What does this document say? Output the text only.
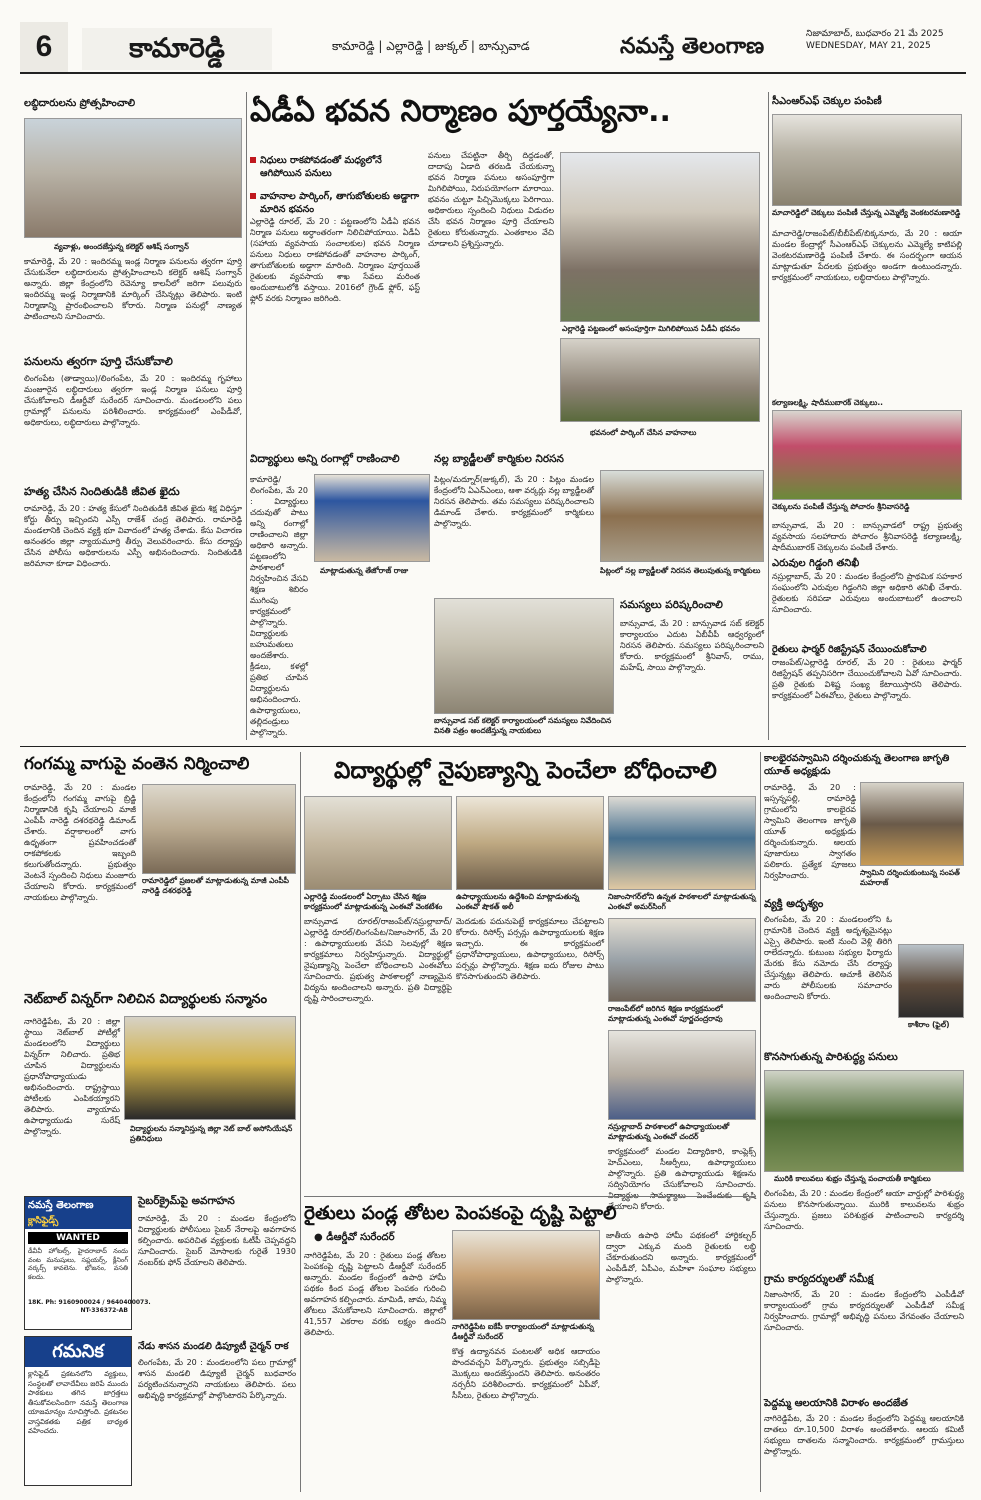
6	కామారెడ్డి	కామారెడ్డి | ఎల్లారెడ్డి | జుక్కల్ | బాన్సువాడ	నమస్తే తెలంగాణ	నిజామాబాద్, బుధవారం 21 మే 2025
WEDNESDAY, MAY 21, 2025
లబ్ధిదారులను ప్రోత్సహించాలి
వ్యవాళ్లు, అంందజేస్తున్న కలెక్టర్ ఆశిష్ సంగ్వాన్
కామారెడ్డి, మే 20 : ఇందిరమ్మ ఇండ్ల నిర్మాణ పనులను త్వరగా పూర్తి చేసుకునేలా లబ్ధిదారులను ప్రోత్సహించాలని కలెక్టర్ ఆశిష్ సంగ్వాన్ అన్నారు. జిల్లా కేంద్రంలోని రెవెన్యూ కాలనీలో జరిగా పలువురు ఇందిరమ్మ ఇండ్ల నిర్మాణానికి మార్కింగ్ చేసిన్నట్లు తెలిపారు. ఇంటి నిర్మాణాన్ని ప్రారంభించాలని కోరారు. నిర్మాణ పనుల్లో నాణ్యత పాటించాలని సూచించారు.
పనులను త్వరగా పూర్తి చేసుకోవాలి
లింగంపేట (తాడ్వాయి)/లింగంపేట, మే 20 : ఇందిరమ్మ గృహాలు మంజూరైన లబ్ధిదారులు త్వరగా ఇండ్ల నిర్మాణ పనులు పూర్తి చేసుకోవాలని డీఆర్డీవో సురేందర్ సూచించారు. మండలంలోని పలు గ్రామాల్లో పనులను పరిశీలించారు. కార్యక్రమంలో ఎంపీడీవో, అధికారులు, లబ్ధిదారులు పాల్గొన్నారు.
హత్య చేసిన నిందితుడికి జీవిత ఖైదు
రామారెడ్డి, మే 20 : హత్య కేసులో నిందితుడికి జీవిత ఖైదు శిక్ష విధిస్తూ కోర్టు తీర్పు ఇచ్చిందని ఎస్పీ రాజేశ్ చంద్ర తెలిపారు. రామారెడ్డి మండలానికి చెందిన వ్యక్తి భూ వివాదంలో హత్య చేశాడు. కేసు విచారణ అనంతరం జిల్లా న్యాయమూర్తి తీర్పు వెలువరించారు. కేసు దర్యాప్తు చేసిన పోలీసు అధికారులను ఎస్పీ అభినందించారు. నిందితుడికి జరిమానా కూడా విధించారు.
ఏడీఏ భవన నిర్మాణం పూర్తయ్యేనా..
నిధులు రాకపోవడంతో మధ్యలోనే ఆగిపోయిన పనులు
వాహనాల పార్కింగ్, తాగుబోతులకు అడ్డాగా మారిన భవనం
ఎల్లారెడ్డి రూరల్, మే 20 : పట్టణంలోని ఏడీఏ భవన నిర్మాణ పనులు అర్ధాంతరంగా నిలిచిపోయాయి. ఏడీఏ (సహాయ వ్యవసాయ సంచాలకుల) భవన నిర్మాణ పనులు నిధులు రాకపోవడంతో వాహనాల పార్కింగ్, తాగుబోతులకు అడ్డాగా మారింది. నిర్మాణం పూర్తయితే రైతులకు వ్యవసాయ శాఖ సేవలు మరింత అందుబాటులోకి వస్తాయి. 2016లో గ్రౌండ్ ఫ్లోర్, ఫస్ట్ ఫ్లోర్ వరకు నిర్మాణం జరిగింది.
పనులు చేపట్టినా తీర్చి దిద్దడంతో, దాదాపు ఏడాది తరబడి చేయకున్నా భవన నిర్మాణ పనులు అసంపూర్తిగా మిగిలిపోయి, నిరుపయోగంగా మారాయి. భవనం చుట్టూ పిచ్చిమొక్కలు పెరిగాయి. అధికారులు స్పందించి నిధులు విడుదల చేసి భవన నిర్మాణం పూర్తి చేయాలని రైతులు కోరుతున్నారు. ఎంతకాలం వేచి చూడాలని ప్రశ్నిస్తున్నారు.
ఎల్లారెడ్డి పట్టణంలో అసంపూర్తిగా మిగిలిపోయిన ఏడీఏ భవనం
భవనంలో పార్కింగ్ చేసిన వాహనాలు
విద్యార్థులు అన్ని రంగాల్లో రాణించాలి
కామారెడ్డి/లింగంపేట, మే 20 : విద్యార్థులు చదువుతో పాటు అన్ని రంగాల్లో రాణించాలని జిల్లా అధికారి అన్నారు. పట్టణంలోని పాఠశాలలో నిర్వహించిన వేసవి శిక్షణ శిబిరం ముగింపు కార్యక్రమంలో పాల్గొన్నారు. విద్యార్థులకు బహుమతులు అందజేశారు. క్రీడలు, కళల్లో ప్రతిభ చూపిన విద్యార్థులను అభినందించారు. ఉపాధ్యాయులు, తల్లిదండ్రులు పాల్గొన్నారు.
మాట్లాడుతున్న తేజోరాజ్ రాజు
నల్ల బ్యాడ్జీలతో కార్మికుల నిరసన
పిట్లం/మద్నూర్(జుక్కల్), మే 20 : పిట్లం మండల కేంద్రంలోని ఏఎన్ఎంలు, ఆశా వర్కర్లు నల్ల బ్యాడ్జీలతో నిరసన తెలిపారు. తమ సమస్యలు పరిష్కరించాలని డిమాండ్ చేశారు. కార్యక్రమంలో కార్మికులు పాల్గొన్నారు.
పిట్లంలో నల్ల బ్యాడ్జీలతో నిరసన తెలుపుతున్న కార్మికులు
బాన్సువాడ సబ్ కలెక్టర్ కార్యాలయంలో సమస్యలు నివేదించిన వినతి పత్రం అందజేస్తున్న నాయకులు
సమస్యలు పరిష్కరించాలి
బాన్సువాడ, మే 20 : బాన్సువాడ సబ్ కలెక్టర్ కార్యాలయం ఎదుట ఏబీవీపీ ఆధ్వర్యంలో నిరసన తెలిపారు. సమస్యలు పరిష్కరించాలని కోరారు. కార్యక్రమంలో శ్రీనివాస్, రాము, మహేష్, సాయి పాల్గొన్నారు.
సీఎంఆర్ఎఫ్ చెక్కుల పంపిణీ
మాచారెడ్డిలో చెక్కులు పంపిణీ చేస్తున్న ఎమ్మెల్యే వెంకటరమణారెడ్డి
మాచారెడ్డి/రాజంపేట్/బీబీపేట్/బిక్కనూరు, మే 20 : ఆయా మండల కేంద్రాల్లో సీఎంఆర్ఎఫ్ చెక్కులను ఎమ్మెల్యే కాటిపల్లి వెంకటరమణారెడ్డి పంపిణీ చేశారు. ఈ సందర్భంగా ఆయన మాట్లాడుతూ పేదలకు ప్రభుత్వం అండగా ఉంటుందన్నారు. కార్యక్రమంలో నాయకులు, లబ్ధిదారులు పాల్గొన్నారు.
కల్యాణలక్ష్మి, షాదీముబారక్ చెక్కులు..
చెక్కులను పంపిణీ చేస్తున్న పోచారం శ్రీనివాసరెడ్డి
బాన్సువాడ, మే 20 : బాన్సువాడలో రాష్ట్ర ప్రభుత్వ వ్యవసాయ సలహాదారు పోచారం శ్రీనివాసరెడ్డి కల్యాణలక్ష్మి, షాదీముబారక్ చెక్కులను పంపిణీ చేశారు.
ఎరువుల గిడ్డంగి తనిఖీ
నస్రుల్లాబాద్, మే 20 : మండల కేంద్రంలోని ప్రాథమిక సహకార సంఘంలోని ఎరువుల గిడ్డంగిని జిల్లా అధికారి తనిఖీ చేశారు. రైతులకు సరిపడా ఎరువులు అందుబాటులో ఉంచాలని సూచించారు.
రైతులు ఫార్మర్ రిజిస్ట్రేషన్ చేయించుకోవాలి
రాజంపేట్/ఎల్లారెడ్డి రూరల్, మే 20 : రైతులు ఫార్మర్ రిజిస్ట్రేషన్ తప్పనిసరిగా చేయించుకోవాలని ఏవో సూచించారు. ప్రతి రైతుకు విశిష్ట సంఖ్య కేటాయిస్తారని తెలిపారు. కార్యక్రమంలో ఏఈవోలు, రైతులు పాల్గొన్నారు.
గంగమ్మ వాగుపై వంతెన నిర్మించాలి
రామారెడ్డి, మే 20 : మండల కేంద్రంలోని గంగమ్మ వాగుపై బ్రిడ్జి నిర్మాణానికి కృషి చేయాలని మాజీ ఎంపీపీ నారెడ్డి దశరథరెడ్డి డిమాండ్ చేశారు. వర్షాకాలంలో వాగు ఉధృతంగా ప్రవహించడంతో రాకపోకలకు ఇబ్బంది కలుగుతోందన్నారు. ప్రభుత్వం వెంటనే స్పందించి నిధులు మంజూరు చేయాలని కోరారు. కార్యక్రమంలో నాయకులు పాల్గొన్నారు.
రామారెడ్డిలో ప్రజలతో మాట్లాడుతున్న మాజీ ఎంపీపీ నారెడ్డి దశరథరెడ్డి
నెట్‌బాల్ విన్నర్‌గా నిలిచిన విద్యార్థులకు సన్మానం
నాగిరెడ్డిపేట, మే 20 : జిల్లా స్థాయి నెట్‌బాల్ పోటీల్లో మండలంలోని విద్యార్థులు విన్నర్‌గా నిలిచారు. ప్రతిభ చూపిన విద్యార్థులను ప్రధానోపాధ్యాయుడు అభినందించారు. రాష్ట్రస్థాయి పోటీలకు ఎంపికయ్యారని తెలిపారు. వ్యాయామ ఉపాధ్యాయుడు సురేష్ పాల్గొన్నారు.	విద్యార్థులను సన్మానిస్తున్న జిల్లా నెట్ బాల్ అసోసియేషన్ ప్రతినిధులు
నమస్తే తెలంగాణ
క్లాసిఫైడ్స్
WANTED
డీవీవీ హోటల్స్, హైదరాబాద్ నందు వంట మనుషులు, సప్లయర్స్, క్లీనింగ్ వర్కర్స్ కావలెను. భోజనం, వసతి కలదు.
18K. Ph: 9160900024 / 9640400073.
NT-336372-AB
గమనిక
క్లాసిఫైడ్ ప్రకటనలోని వ్యక్తులు, సంస్థలతో లావాదేవీలు జరిపే ముందు పాఠకులు తగిన జాగ్రత్తలు తీసుకోవలసిందిగా నమస్తే తెలంగాణ యాజమాన్యం సూచిస్తోంది. ప్రకటనల వాస్తవికతకు పత్రిక బాధ్యత వహించదు.
సైబర్‌క్రైమ్‌పై అవగాహన
రామారెడ్డి, మే 20 : మండల కేంద్రంలోని విద్యార్థులకు పోలీసులు సైబర్ నేరాలపై అవగాహన కల్పించారు. అపరిచిత వ్యక్తులకు ఓటీపీ చెప్పవద్దని సూచించారు. సైబర్ మోసాలకు గురైతే 1930 నంబర్‌కు ఫోన్ చేయాలని తెలిపారు.
నేడు శాసన మండలి డిప్యూటీ చైర్మన్ రాక
లింగంపేట, మే 20 : మండలంలోని పలు గ్రామాల్లో శాసన మండలి డిప్యూటీ చైర్మన్ బుధవారం పర్యటించనున్నారని నాయకులు తెలిపారు. పలు అభివృద్ధి కార్యక్రమాల్లో పాల్గొంటారని పేర్కొన్నారు.
విద్యార్థుల్లో నైపుణ్యాన్ని పెంచేలా బోధించాలి
ఎల్లారెడ్డి మండలంలో ఏర్పాటు చేసిన శిక్షణ కార్యక్రమంలో మాట్లాడుతున్న ఎంఈవో వెంకటేశం
ఉపాధ్యాయులను ఉద్దేశించి మాట్లాడుతున్న ఎంఈవో షౌకత్ అలీ
నిజాంసాగర్‌లోని ఉన్నత పాఠశాలలో మాట్లాడుతున్న ఎంఈవో అమర్‌సింగ్
బాన్సువాడ రూరల్/రాజంపేట్/నస్రుల్లాబాద్/ఎల్లారెడ్డి రూరల్/లింగంపేట/నిజాంసాగర్, మే 20 : ఉపాధ్యాయులకు వేసవి సెలవుల్లో శిక్షణ కార్యక్రమాలు నిర్వహిస్తున్నారు. విద్యార్థుల్లో నైపుణ్యాన్ని పెంచేలా బోధించాలని ఎంఈవోలు సూచించారు. ప్రభుత్వ పాఠశాలల్లో నాణ్యమైన విద్యను అందించాలని అన్నారు. ప్రతి విద్యార్థిపై దృష్టి సారించాలన్నారు.
మెదడుకు పదునుపెట్టే కార్యక్రమాలు చేపట్టాలని కోరారు. రిసోర్స్ పర్సన్లు ఉపాధ్యాయులకు శిక్షణ ఇచ్చారు. ఈ కార్యక్రమంలో ప్రధానోపాధ్యాయులు, ఉపాధ్యాయులు, రిసోర్స్ పర్సన్లు పాల్గొన్నారు. శిక్షణ ఐదు రోజుల పాటు కొనసాగుతుందని తెలిపారు.
రాజంపేట్‌లో జరిగిన శిక్షణ కార్యక్రమంలో మాట్లాడుతున్న ఎంఈవో పూర్ణచంద్రరావు
నస్రుల్లాబాద్ పాఠశాలలో ఉపాధ్యాయులతో మాట్లాడుతున్న ఎంఈవో చందర్
కార్యక్రమంలో మండల విద్యాధికారి, కాంప్లెక్స్ హెచ్ఎంలు, సీఆర్పీలు, ఉపాధ్యాయులు పాల్గొన్నారు. ప్రతి ఉపాధ్యాయుడు శిక్షణను సద్వినియోగం చేసుకోవాలని సూచించారు. చేయాలని కోరారు.
రైతులు పండ్ల తోటల పెంపకంపై దృష్టి పెట్టాలి
● డీఆర్డీవో సురేందర్
నాగిరెడ్డిపేట, మే 20 : రైతులు పండ్ల తోటల పెంపకంపై దృష్టి పెట్టాలని డీఆర్డీవో సురేందర్ అన్నారు. మండల కేంద్రంలో ఉపాధి హామీ పథకం కింద పండ్ల తోటల పెంపకం గురించి అవగాహన కల్పించారు. మామిడి, జామ, నిమ్మ తోటలు వేసుకోవాలని సూచించారు. జిల్లాలో 41,557 ఎకరాల వరకు లక్ష్యం ఉందని తెలిపారు.
నాగిరెడ్డిపేట ఐకేపీ కార్యాలయంలో మాట్లాడుతున్న డీఆర్డీవో సురేందర్
కొత్త ఉద్యానవన పంటలతో అధిక ఆదాయం పొందవచ్చని పేర్కొన్నారు. ప్రభుత్వం సబ్సిడీపై మొక్కలు అందజేస్తుందని తెలిపారు. అనంతరం నర్సరీని పరిశీలించారు. కార్యక్రమంలో ఏపీవో, సీసీలు, రైతులు పాల్గొన్నారు.
జాతీయ ఉపాధి హామీ పథకంలో హార్టికల్చర్ ద్వారా ఎక్కువ మంది రైతులకు లబ్ధి చేకూరుతుందని అన్నారు. కార్యక్రమంలో ఎంపీడీవో, ఏపీఎం, మహిళా సంఘాల సభ్యులు పాల్గొన్నారు.
కాలభైరవస్వామిని దర్శించుకున్న తెలంగాణ జాగృతి యూత్ అధ్యక్షుడు
రామారెడ్డి, మే 20 : ఇస్సన్నపల్లి, రామారెడ్డి గ్రామంలోని కాలభైరవ స్వామిని తెలంగాణ జాగృతి యూత్ అధ్యక్షుడు దర్శించుకున్నారు. ఆలయ పూజారులు స్వాగతం పలికారు. ప్రత్యేక పూజలు నిర్వహించారు.	స్వామిని దర్శించుకుంటున్న సంపత్ మహరాజ్
వ్యక్తి అదృశ్యం
లింగంపేట, మే 20 : మండలంలోని ఓ గ్రామానికి చెందిన వ్యక్తి అదృశ్యమైనట్లు ఎస్సై తెలిపారు. ఇంటి నుంచి వెళ్లి తిరిగి రాలేదన్నారు. కుటుంబ సభ్యుల ఫిర్యాదు మేరకు కేసు నమోదు చేసి దర్యాప్తు చేస్తున్నట్లు తెలిపారు. ఆచూకీ తెలిసిన వారు పోలీసులకు సమాచారం అందించాలని కోరారు.
కాశీరాం (ఫైల్)
కొనసాగుతున్న పారిశుద్ధ్య పనులు
మురికి కాలువలు శుభ్రం చేస్తున్న పంచాయతీ కార్మికులు
లింగంపేట, మే 20 : మండల కేంద్రంలో ఆయా వార్డుల్లో పారిశుద్ధ్య పనులు కొనసాగుతున్నాయి. మురికి కాలువలను శుభ్రం చేస్తున్నారు. ప్రజలు పరిశుభ్రత పాటించాలని కార్యదర్శి సూచించారు.
గ్రామ కార్యదర్శులతో సమీక్ష
నిజాంసాగర్, మే 20 : మండల కేంద్రంలోని ఎంపీడీవో కార్యాలయంలో గ్రామ కార్యదర్శులతో ఎంపీడీవో సమీక్ష నిర్వహించారు. గ్రామాల్లో అభివృద్ధి పనులు వేగవంతం చేయాలని సూచించారు.
పెద్దమ్మ ఆలయానికి విరాళం అందజేత
నాగిరెడ్డిపేట, మే 20 : మండల కేంద్రంలోని పెద్దమ్మ ఆలయానికి దాతలు రూ.10,500 విరాళం అందజేశారు. ఆలయ కమిటీ సభ్యులు దాతలను సన్మానించారు. కార్యక్రమంలో గ్రామస్తులు పాల్గొన్నారు.
